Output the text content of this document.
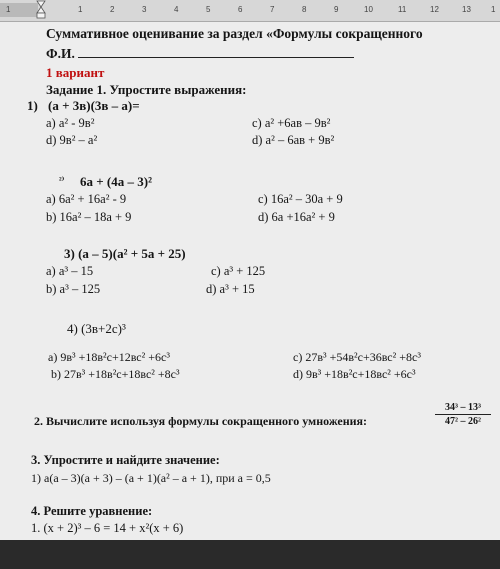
1	1	2	3	4	5	6	7	8	9	10	11	12	13	1
Суммативное оценивание за раздел «Формулы сокращенного
Ф.И.
1 вариант
Задание 1. Упростите выражения:
1) (а + 3в)(3в – а)=
а) а² - 9в²	с) а² +6ав – 9в²
d) 9в² – а²	d) а² – 6ав + 9в²
²⁾ 6а + (4а – 3)²
а) 6а² + 16а² - 9	с) 16а² – 30а + 9
b) 16а² – 18а + 9	d) 6а +16а² + 9
3) (а – 5)(а² + 5а + 25)
а) а³ – 15	с) а³ + 125
b) а³ – 125	d) а³ + 15
4) (3в+2с)³
а) 9в³ +18в²с+12вс² +6с³	с) 27в³ +54в²с+36вс² +8с³
b) 27в³ +18в²с+18вс² +8с³	d) 9в³ +18в²с+18вс² +6с³
2. Вычислите используя формулы сокращенного умножения:	$\frac{\text{34³ – 13³}}{\text{47² – 26²}}$
3. Упростите и найдите значение:
1) а(а – 3)(а + 3) – (а + 1)(а² – а + 1), при а = 0,5
4. Решите уравнение:
1. (x + 2)³ – 6 = 14 + x²(x + 6)
